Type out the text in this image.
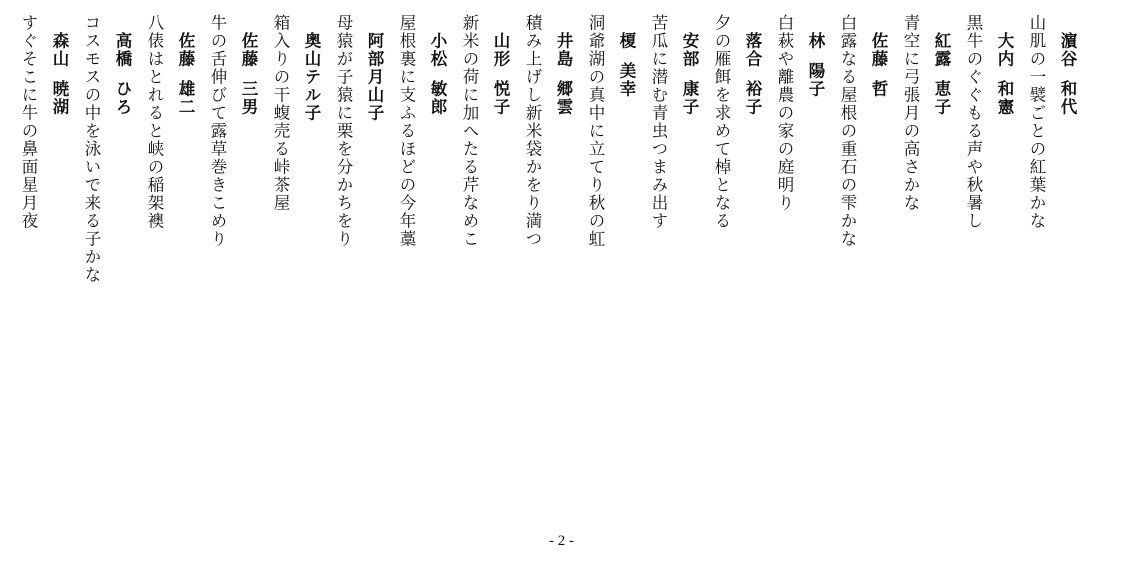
濵谷和代
山肌の一襞ごとの紅葉かな
大内和憲
黒牛のぐぐもる声や秋暑し
紅露恵子
青空に弓張月の高さかな
佐藤哲
白露なる屋根の重石の雫かな
林陽子
白萩や離農の家の庭明り
落合裕子
夕の雁餌を求めて棹となる
安部康子
苦瓜に潜む青虫つまみ出す
榎美幸
洞爺湖の真中に立てり秋の虹
井島郷雲
積み上げし新米袋かをり満つ
山形悦子
新米の荷に加へたる芹なめこ
小松敏郎
屋根裏に支ふるほどの今年藁
阿部月山子
母猿が子猿に栗を分かちをり
奥山テル子
箱入りの干蝮売る峠茶屋
佐藤三男
牛の舌伸びて露草巻きこめり
佐藤雄二
八俵はとれると峡の稲架襖
高橋ひろ
コスモスの中を泳いで来る子かな
森山暁湖
すぐそこに牛の鼻面星月夜
- 2 -
